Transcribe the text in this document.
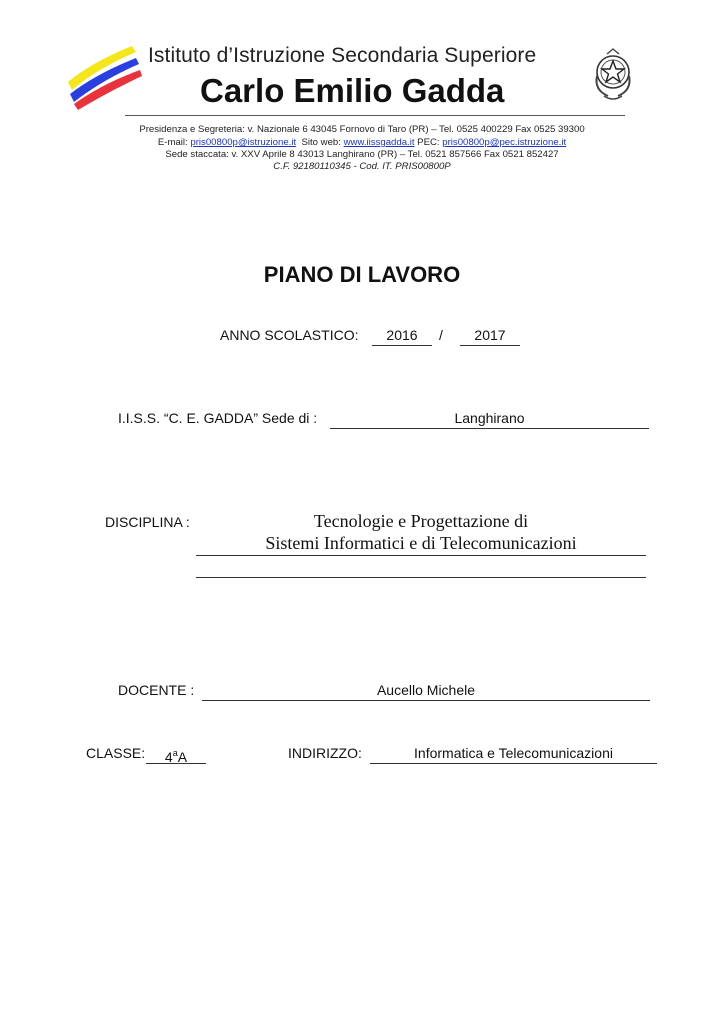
Istituto d’Istruzione Secondaria Superiore
Carlo Emilio Gadda
Presidenza e Segreteria: v. Nazionale 6 43045 Fornovo di Taro (PR) – Tel. 0525 400229 Fax 0525 39300
E-mail: pris00800p@istruzione.it  Sito web: www.iissgadda.it PEC: pris00800p@pec.istruzione.it
Sede staccata: v. XXV Aprile 8 43013 Langhirano (PR) – Tel. 0521 857566 Fax 0521 852427
C.F. 92180110345 - Cod. IT. PRIS00800P
PIANO DI LAVORO
ANNO SCOLASTICO:	2016	/	2017
I.I.S.S. “C. E. GADDA” Sede di :	Langhirano
DISCIPLINA :	Tecnologie e Progettazione di
Sistemi Informatici e di Telecomunicazioni
DOCENTE :	Aucello Michele
CLASSE:	4$^a$A	INDIRIZZO:	Informatica e Telecomunicazioni
